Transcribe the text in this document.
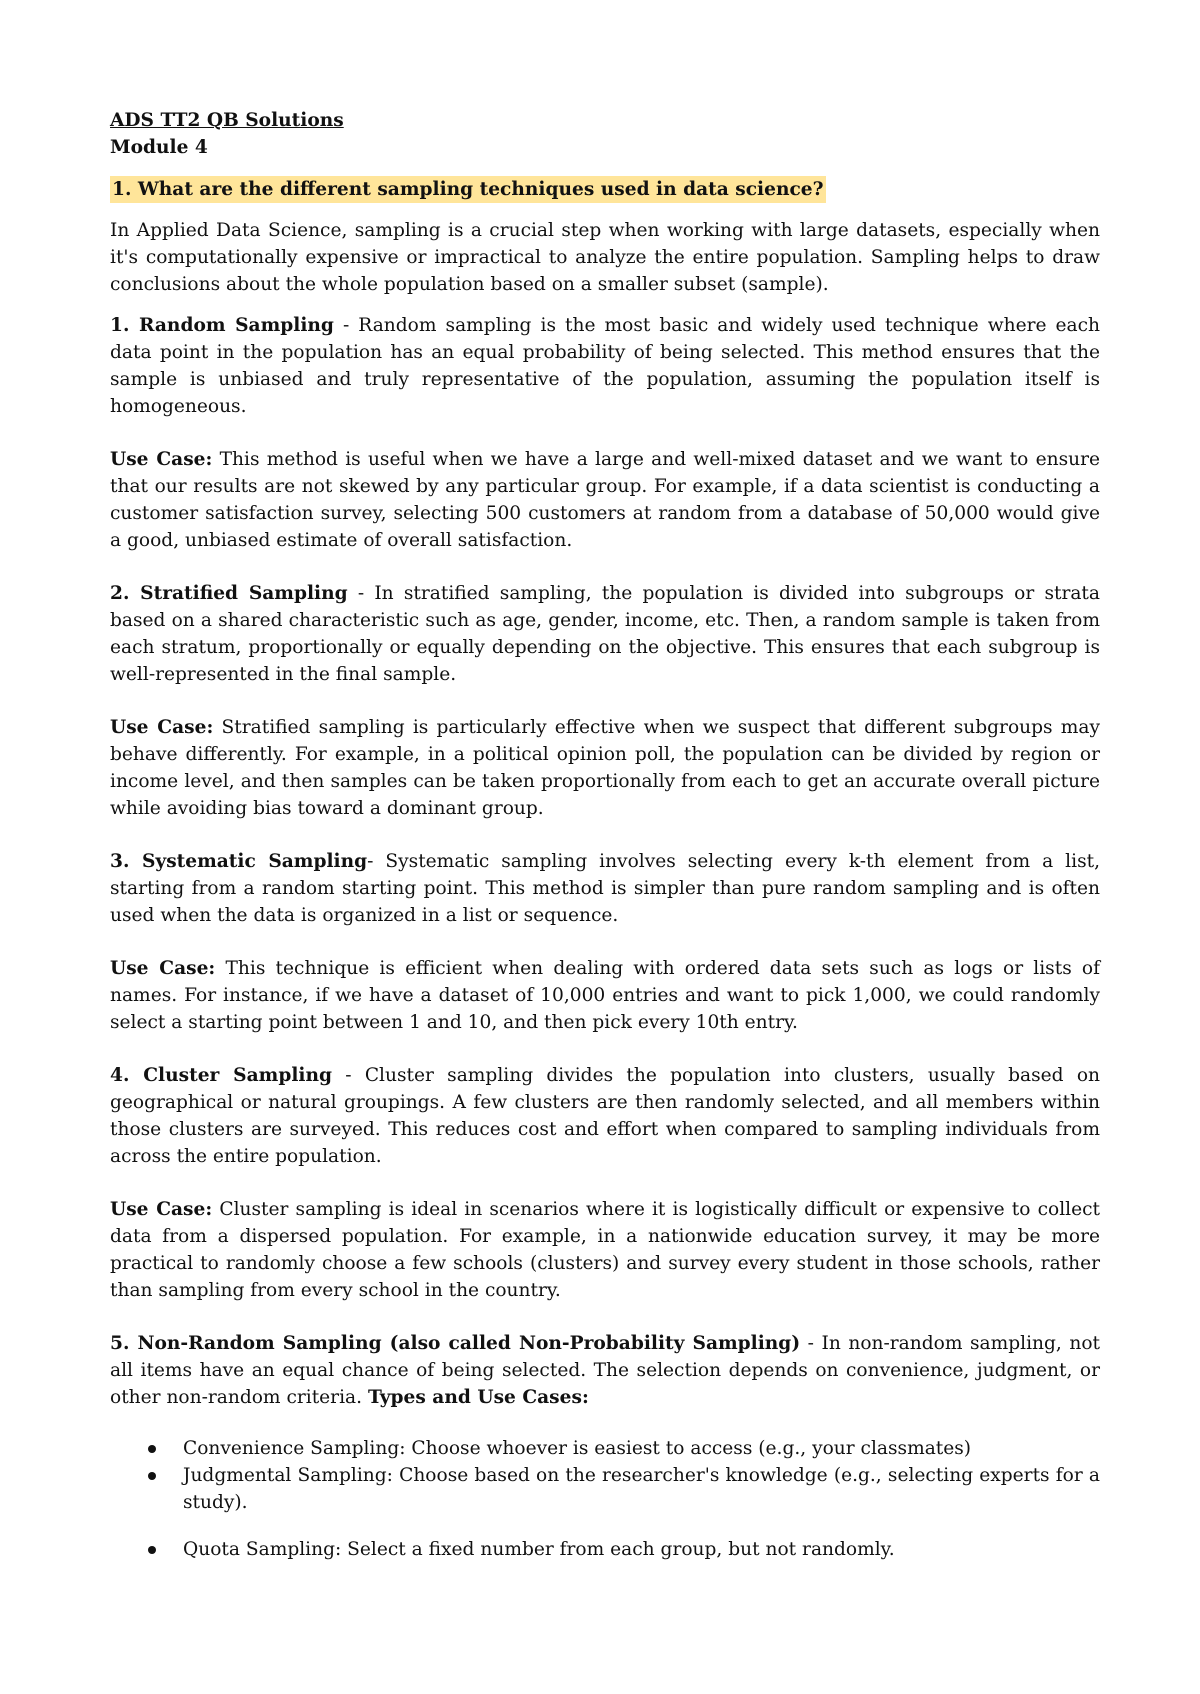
ADS TT2 QB Solutions

Module 4

1. What are the different sampling techniques used in data science?

In Applied Data Science, sampling is a crucial step when working with large datasets, especially when it's computationally expensive or impractical to analyze the entire population. Sampling helps to draw conclusions about the whole population based on a smaller subset (sample).

1. Random Sampling - Random sampling is the most basic and widely used technique where each data point in the population has an equal probability of being selected. This method ensures that the sample is unbiased and truly representative of the population, assuming the population itself is homogeneous.

Use Case: This method is useful when we have a large and well-mixed dataset and we want to ensure that our results are not skewed by any particular group. For example, if a data scientist is conducting a customer satisfaction survey, selecting 500 customers at random from a database of 50,000 would give a good, unbiased estimate of overall satisfaction.

2. Stratified Sampling - In stratified sampling, the population is divided into subgroups or strata based on a shared characteristic such as age, gender, income, etc. Then, a random sample is taken from each stratum, proportionally or equally depending on the objective. This ensures that each subgroup is well-represented in the final sample.

Use Case: Stratified sampling is particularly effective when we suspect that different subgroups may behave differently. For example, in a political opinion poll, the population can be divided by region or income level, and then samples can be taken proportionally from each to get an accurate overall picture while avoiding bias toward a dominant group.

3. Systematic Sampling- Systematic sampling involves selecting every k-th element from a list, starting from a random starting point. This method is simpler than pure random sampling and is often used when the data is organized in a list or sequence.

Use Case: This technique is efficient when dealing with ordered data sets such as logs or lists of names. For instance, if we have a dataset of 10,000 entries and want to pick 1,000, we could randomly select a starting point between 1 and 10, and then pick every 10th entry.

4. Cluster Sampling - Cluster sampling divides the population into clusters, usually based on geographical or natural groupings. A few clusters are then randomly selected, and all members within those clusters are surveyed. This reduces cost and effort when compared to sampling individuals from across the entire population.

Use Case: Cluster sampling is ideal in scenarios where it is logistically difficult or expensive to collect data from a dispersed population. For example, in a nationwide education survey, it may be more practical to randomly choose a few schools (clusters) and survey every student in those schools, rather than sampling from every school in the country.

5. Non-Random Sampling (also called Non-Probability Sampling) - In non-random sampling, not all items have an equal chance of being selected. The selection depends on convenience, judgment, or other non-random criteria. Types and Use Cases:

Convenience Sampling: Choose whoever is easiest to access (e.g., your classmates)
Judgmental Sampling: Choose based on the researcher's knowledge (e.g., selecting experts for a study).
Quota Sampling: Select a fixed number from each group, but not randomly.
